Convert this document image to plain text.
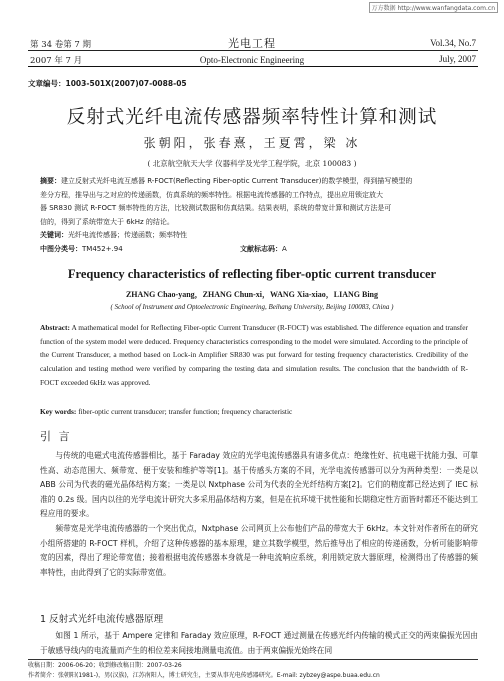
万方数据 http://www.wanfangdata.com.cn
第 34 卷第 7 期
2007 年 7 月
光电工程
Opto-Electronic Engineering
Vol.34, No.7
July, 2007
文章编号：1003-501X(2007)07-0088-05
反射式光纤电流传感器频率特性计算和测试
张朝阳，张春熹，王夏霄，梁 冰
( 北京航空航天大学 仪器科学及光学工程学院，北京 100083 )
摘要：建立反射式光纤电流互感器 R-FOCT(Reflecting Fiber-optic Current Transducer)的数学模型，得到描写模型的
差分方程，推导出与之对应的传递函数，仿真系统的频率特性。根据电流传感器的工作特点，提出应用锁定放大
器 SR830 测试 R-FOCT 频率特性的方法，比较测试数据和仿真结果。结果表明，系统的带宽计算和测试方法是可
信的，得到了系统带宽大于 6kHz 的结论。
关键词：光纤电流传感器；传递函数；频率特性
中图分类号：TM452+.94	文献标志码：A
Frequency characteristics of reflecting fiber-optic current transducer
ZHANG Chao-yang，ZHANG Chun-xi，WANG Xia-xiao，LIANG Bing
( School of Instrument and Optoelectronic Engineering, Beihang University, Beijing 100083, China )
Abstract: A mathematical model for Reflecting Fiber-optic Current Transducer (R-FOCT) was established. The difference equation and transfer function of the system model were deduced. Frequency characteristics corresponding to the model were simulated. According to the principle of the Current Transducer, a method based on Lock-in Amplifier SR830 was put forward for testing frequency characteristics. Credibility of the calculation and testing method were verified by comparing the testing data and simulation results. The conclusion that the bandwidth of R-FOCT exceeded 6kHz was approved.
Key words: fiber-optic current transducer; transfer function; frequency characteristic
引 言

与传统的电磁式电流传感器相比，基于 Faraday 效应的光学电流传感器具有诸多优点：绝缘性好、抗电磁干扰能力强、可靠性高、动态范围大、频带宽、便于安装和维护等等[1]。基于传感头方案的不同，光学电流传感器可以分为两种类型：一类是以 ABB 公司为代表的磁光晶体结构方案；一类是以 Nxtphase 公司为代表的全光纤结构方案[2]。它们的精度都已经达到了 IEC 标准的 0.2s 级。国内以往的光学电流计研究大多采用晶体结构方案，但是在抗环境干扰性能和长期稳定性方面皆时都还不能达到工程应用的要求。

频带宽是光学电流传感器的一个突出优点，Nxtphase 公司网页上公布他们产品的带宽大于 6kHz。本文针对作者所在的研究小组所搭建的 R-FOCT 样机，介绍了这种传感器的基本原理，建立其数学模型，然后推导出了相应的传递函数，分析可能影响带宽的因素，得出了理论带宽值；接着根据电流传感器本身就是一种电流响应系统，利用锁定放大器原理，检测得出了传感器的频率特性，由此得到了它的实际带宽值。

1 反射式光纤电流传感器原理

如图 1 所示，基于 Ampere 定律和 Faraday 效应原理，R-FOCT 通过测量在传感光纤内传输的模式正交的两束偏振光因由于敏感导线内的电流量而产生的相位差来间接地测量电流值。由于两束偏振光始终在同

收稿日期：2006-06-20；收到修改稿日期：2007-03-26
作者简介：张朝阳(1981-)，男(汉族)，江苏南阳人，博士研究生，主要从事光电传感器研究。E-mail: zybzey@aspe.buaa.edu.cn
